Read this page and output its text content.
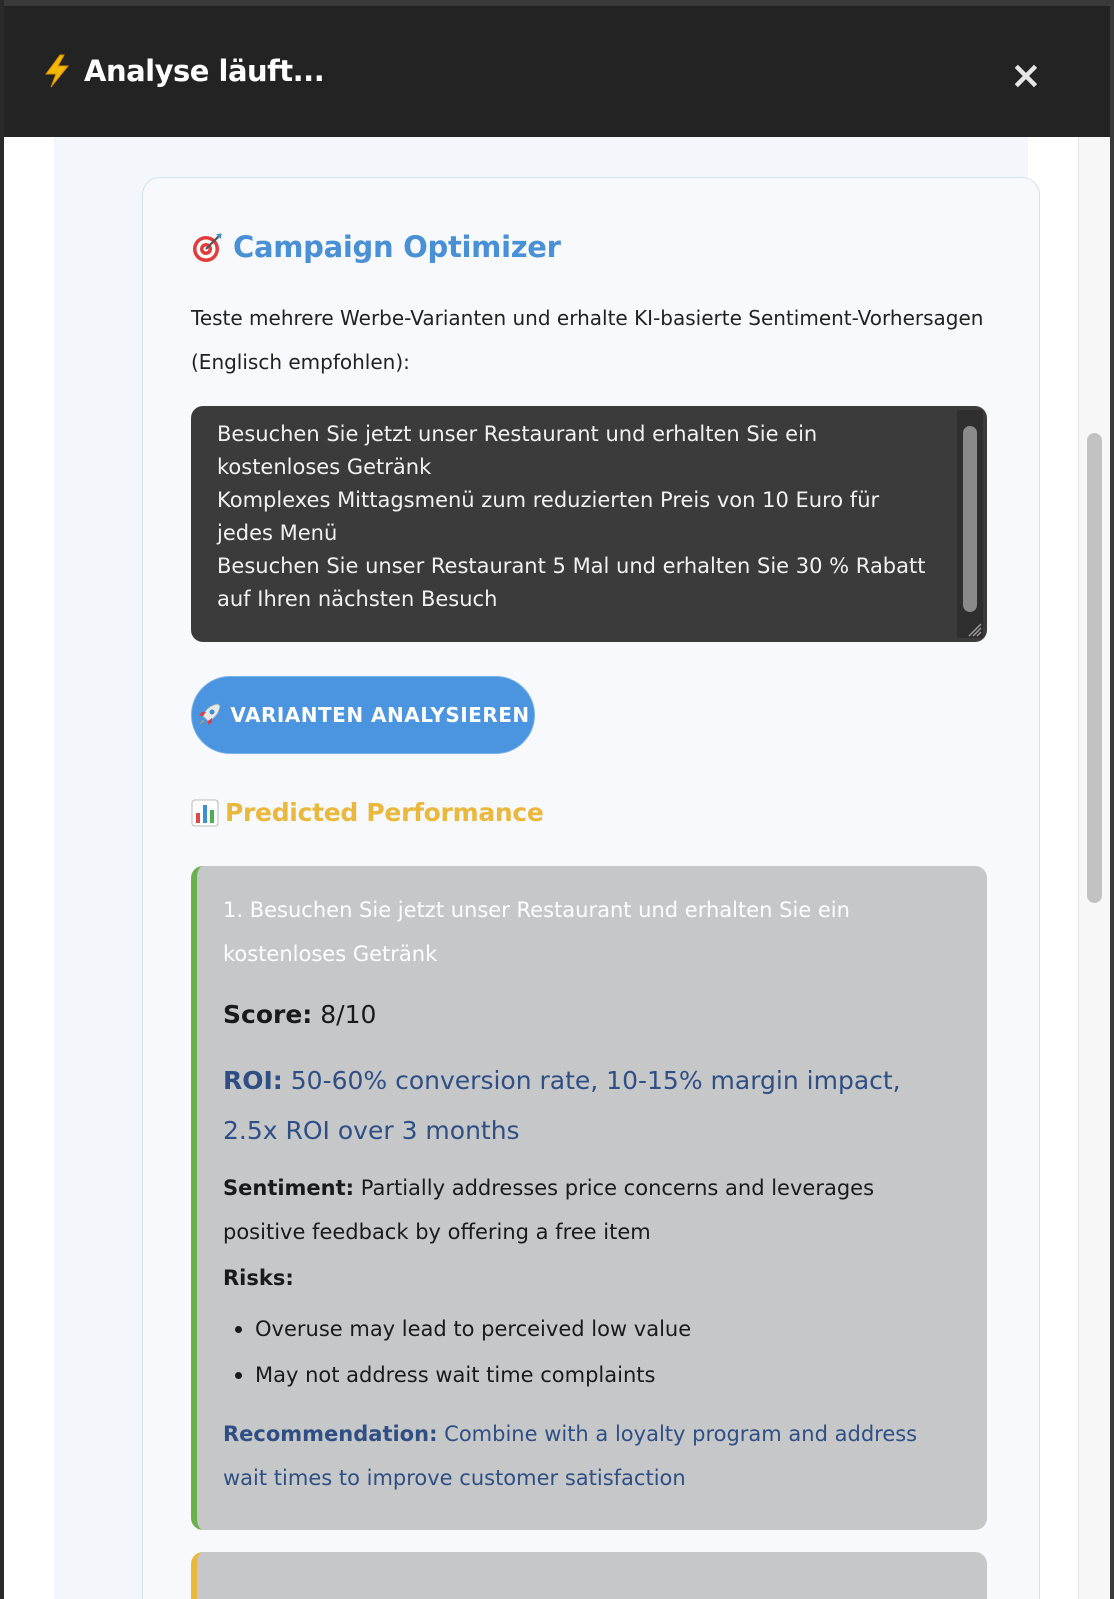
Analyse läuft...	×
Campaign Optimizer

Teste mehrere Werbe-Varianten und erhalte KI-basierte Sentiment-Vorhersagen (Englisch empfohlen):

Besuchen Sie jetzt unser Restaurant und erhalten Sie ein kostenloses Getränk Komplexes Mittagsmenü zum reduzierten Preis von 10 Euro für jedes Menü Besuchen Sie unser Restaurant 5 Mal und erhalten Sie 30 % Rabatt auf Ihren nächsten Besuch
VARIANTEN ANALYSIEREN
Predicted Performance
1. Besuchen Sie jetzt unser Restaurant und erhalten Sie ein kostenloses Getränk
Score: 8/10
ROI: 50-60% conversion rate, 10-15% margin impact, 2.5x ROI over 3 months
Sentiment: Partially addresses price concerns and leverages positive feedback by offering a free item
Risks:
Overuse may lead to perceived low value
May not address wait time complaints
Recommendation: Combine with a loyalty program and address wait times to improve customer satisfaction
